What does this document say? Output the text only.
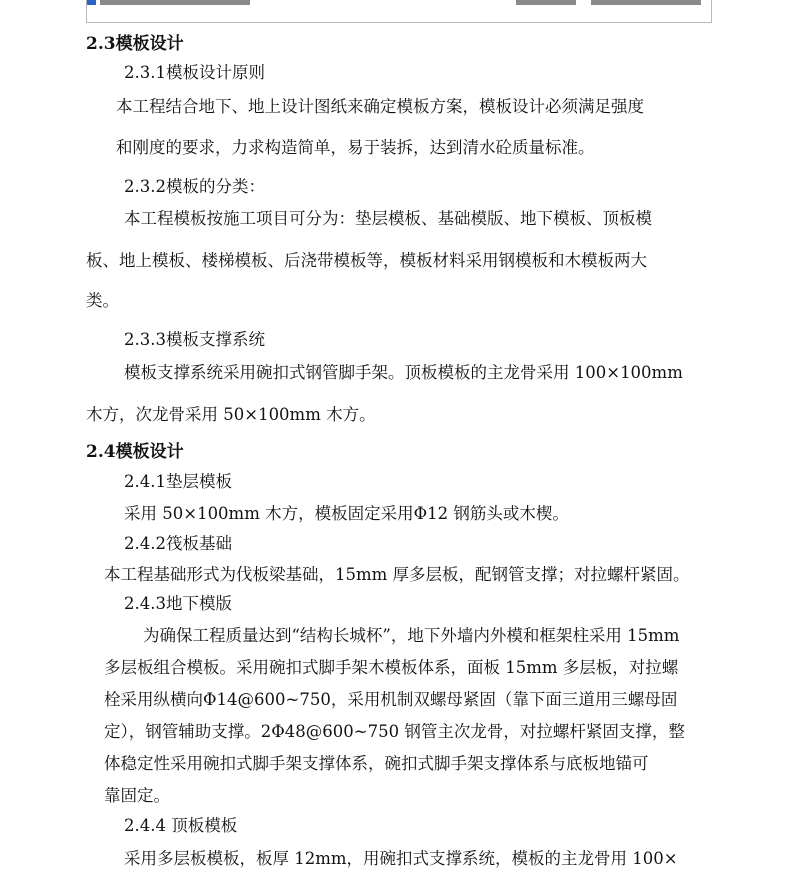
2.3模板设计
2.3.1模板设计原则
本工程结合地下、地上设计图纸来确定模板方案，模板设计必须满足强度
和刚度的要求，力求构造简单，易于装拆，达到清水砼质量标准。
2.3.2模板的分类：
本工程模板按施工项目可分为：垫层模板、基础模版、地下模板、顶板模
板、地上模板、楼梯模板、后浇带模板等，模板材料采用钢模板和木模板两大
类。
2.3.3模板支撑系统
模板支撑系统采用碗扣式钢管脚手架。顶板模板的主龙骨采用 100×100mm
木方，次龙骨采用 50×100mm 木方。
2.4模板设计
2.4.1垫层模板
采用 50×100mm 木方，模板固定采用Φ12 钢筋头或木楔。
2.4.2筏板基础
本工程基础形式为伐板梁基础，15mm 厚多层板，配钢管支撑；对拉螺杆紧固。
2.4.3地下模版
为确保工程质量达到“结构长城杯”，地下外墙内外模和框架柱采用 15mm
多层板组合模板。采用碗扣式脚手架木模板体系，面板 15mm 多层板，对拉螺
栓采用纵横向Φ14@600~750，采用机制双螺母紧固（靠下面三道用三螺母固
定），钢管辅助支撑。2Φ48@600~750 钢管主次龙骨，对拉螺杆紧固支撑，整
体稳定性采用碗扣式脚手架支撑体系，碗扣式脚手架支撑体系与底板地锚可
靠固定。
2.4.4 顶板模板
采用多层板模板，板厚 12mm，用碗扣式支撑系统，模板的主龙骨用 100×
